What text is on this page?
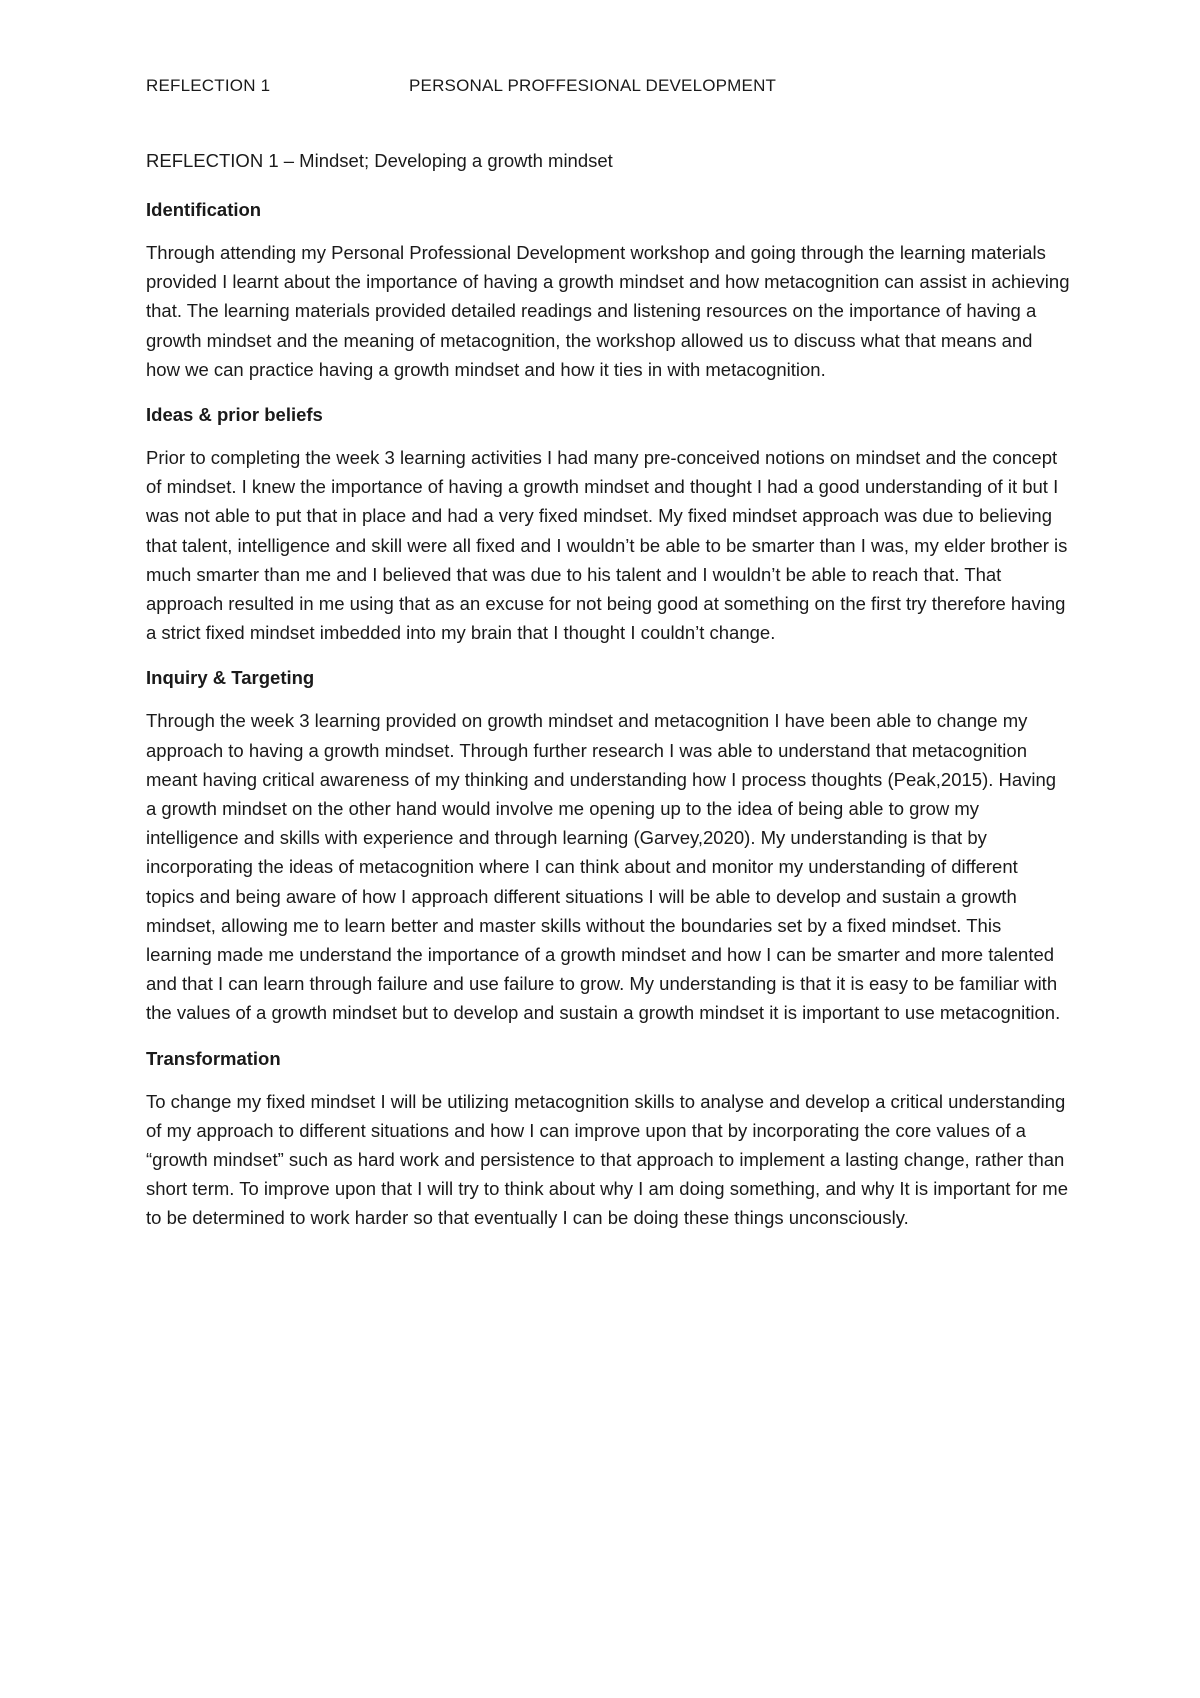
REFLECTION 1	PERSONAL PROFFESIONAL DEVELOPMENT

REFLECTION 1 – Mindset; Developing a growth mindset

Identification

Through attending my Personal Professional Development workshop and going through the learning materials provided I learnt about the importance of having a growth mindset and how metacognition can assist in achieving that. The learning materials provided detailed readings and listening resources on the importance of having a growth mindset and the meaning of metacognition, the workshop allowed us to discuss what that means and how we can practice having a growth mindset and how it ties in with metacognition.

Ideas & prior beliefs

Prior to completing the week 3 learning activities I had many pre-conceived notions on mindset and the concept of mindset. I knew the importance of having a growth mindset and thought I had a good understanding of it but I was not able to put that in place and had a very fixed mindset. My fixed mindset approach was due to believing that talent, intelligence and skill were all fixed and I wouldn’t be able to be smarter than I was, my elder brother is much smarter than me and I believed that was due to his talent and I wouldn’t be able to reach that. That approach resulted in me using that as an excuse for not being good at something on the first try therefore having a strict fixed mindset imbedded into my brain that I thought I couldn’t change.

Inquiry & Targeting

Through the week 3 learning provided on growth mindset and metacognition I have been able to change my approach to having a growth mindset. Through further research I was able to understand that metacognition meant having critical awareness of my thinking and understanding how I process thoughts (Peak,2015). Having a growth mindset on the other hand would involve me opening up to the idea of being able to grow my intelligence and skills with experience and through learning (Garvey,2020). My understanding is that by incorporating the ideas of metacognition where I can think about and monitor my understanding of different topics and being aware of how I approach different situations I will be able to develop and sustain a growth mindset, allowing me to learn better and master skills without the boundaries set by a fixed mindset. This learning made me understand the importance of a growth mindset and how I can be smarter and more talented and that I can learn through failure and use failure to grow. My understanding is that it is easy to be familiar with the values of a growth mindset but to develop and sustain a growth mindset it is important to use metacognition.

Transformation

To change my fixed mindset I will be utilizing metacognition skills to analyse and develop a critical understanding of my approach to different situations and how I can improve upon that by incorporating the core values of a “growth mindset” such as hard work and persistence to that approach to implement a lasting change, rather than short term. To improve upon that I will try to think about why I am doing something, and why It is important for me to be determined to work harder so that eventually I can be doing these things unconsciously.
